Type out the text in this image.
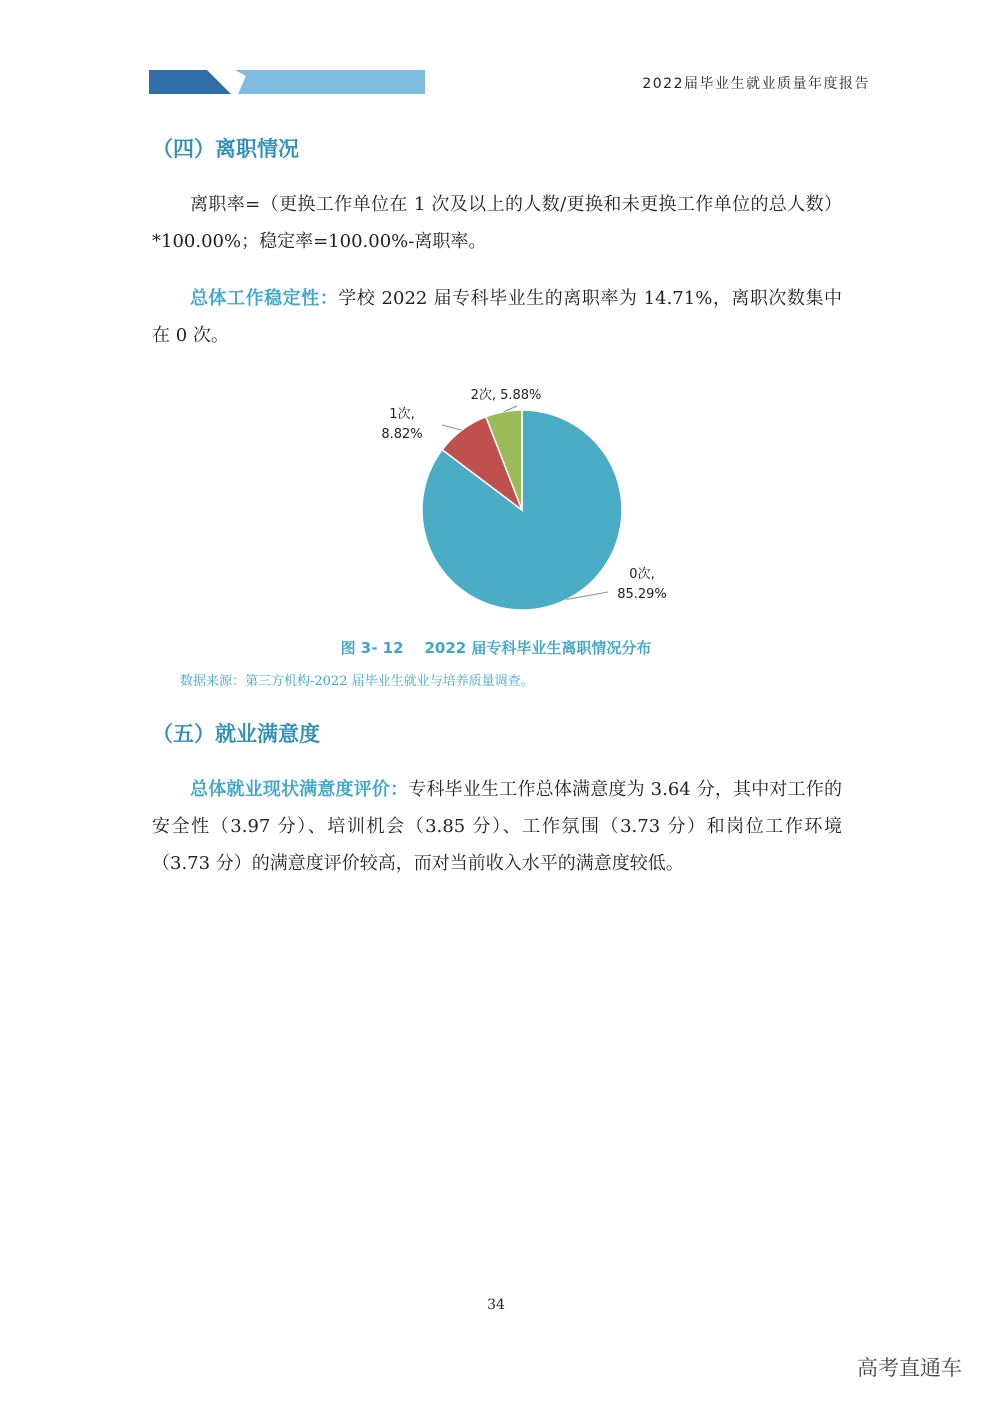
2022届毕业生就业质量年度报告
（四）离职情况
离职率=（更换工作单位在 1 次及以上的人数/更换和未更换工作单位的总人数）*100.00%；稳定率=100.00%-离职率。
总体工作稳定性：学校 2022 届专科毕业生的离职率为 14.71%，离职次数集中在 0 次。
0次, 85.29%
1次, 8.82%
2次, 5.88%
图 3- 12    2022 届专科毕业生离职情况分布
数据来源：第三方机构-2022 届毕业生就业与培养质量调查。
（五）就业满意度
总体就业现状满意度评价：专科毕业生工作总体满意度为 3.64 分，其中对工作的安全性（3.97 分）、培训机会（3.85 分）、工作氛围（3.73 分）和岗位工作环境（3.73 分）的满意度评价较高，而对当前收入水平的满意度较低。
34
高考直通车
